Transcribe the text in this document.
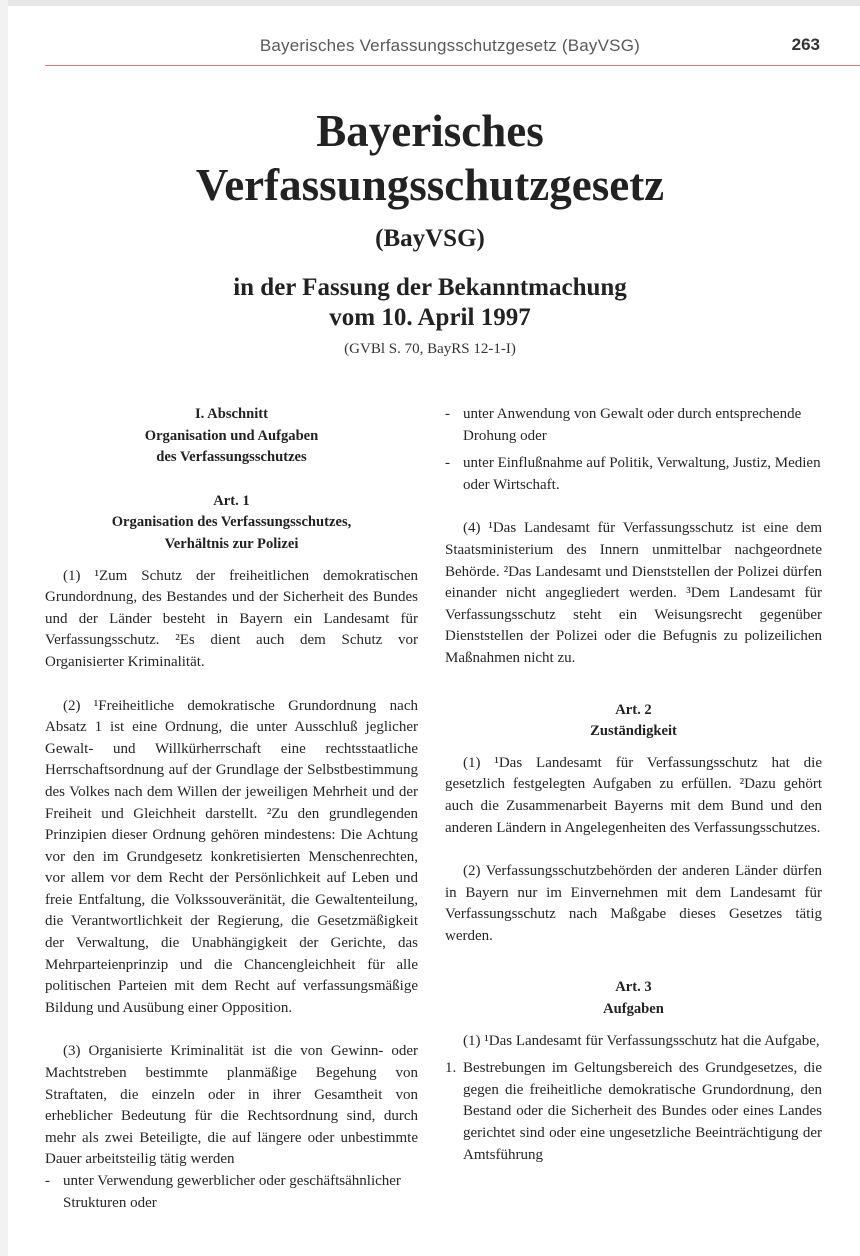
Bayerisches Verfassungsschutzgesetz (BayVSG)	263
Bayerisches
Verfassungsschutzgesetz
(BayVSG)
in der Fassung der Bekanntmachung
vom 10. April 1997
(GVBl S. 70, BayRS 12-1-I)
I. Abschnitt
Organisation und Aufgaben
des Verfassungsschutzes
Art. 1
Organisation des Verfassungsschutzes,
Verhältnis zur Polizei

(1) ¹Zum Schutz der freiheitlichen demokratischen Grundordnung, des Bestandes und der Sicherheit des Bundes und der Länder besteht in Bayern ein Landesamt für Verfassungsschutz. ²Es dient auch dem Schutz vor Organisierter Kriminalität.

(2) ¹Freiheitliche demokratische Grundordnung nach Absatz 1 ist eine Ordnung, die unter Ausschluß jeglicher Gewalt- und Willkürherrschaft eine rechtsstaatliche Herrschaftsordnung auf der Grundlage der Selbstbestimmung des Volkes nach dem Willen der jeweiligen Mehrheit und der Freiheit und Gleichheit darstellt. ²Zu den grundlegenden Prinzipien dieser Ordnung gehören mindestens: Die Achtung vor den im Grundgesetz konkretisierten Menschenrechten, vor allem vor dem Recht der Persönlichkeit auf Leben und freie Entfaltung, die Volkssouveränität, die Gewaltenteilung, die Verantwortlichkeit der Regierung, die Gesetzmäßigkeit der Verwaltung, die Unabhängigkeit der Gerichte, das Mehrparteienprinzip und die Chancengleichheit für alle politischen Parteien mit dem Recht auf verfassungsmäßige Bildung und Ausübung einer Opposition.

(3) Organisierte Kriminalität ist die von Gewinn- oder Machtstreben bestimmte planmäßige Begehung von Straftaten, die einzeln oder in ihrer Gesamtheit von erheblicher Bedeutung für die Rechtsordnung sind, durch mehr als zwei Beteiligte, die auf längere oder unbestimmte Dauer arbeitsteilig tätig werden

- unter Verwendung gewerblicher oder geschäftsähnlicher Strukturen oder
- unter Anwendung von Gewalt oder durch entsprechende Drohung oder
- unter Einflußnahme auf Politik, Verwaltung, Justiz, Medien oder Wirtschaft.

(4) ¹Das Landesamt für Verfassungsschutz ist eine dem Staatsministerium des Innern unmittelbar nachgeordnete Behörde. ²Das Landesamt und Dienststellen der Polizei dürfen einander nicht angegliedert werden. ³Dem Landesamt für Verfassungsschutz steht ein Weisungsrecht gegenüber Dienststellen der Polizei oder die Befugnis zu polizeilichen Maßnahmen nicht zu.

Art. 2
Zuständigkeit

(1) ¹Das Landesamt für Verfassungsschutz hat die gesetzlich festgelegten Aufgaben zu erfüllen. ²Dazu gehört auch die Zusammenarbeit Bayerns mit dem Bund und den anderen Ländern in Angelegenheiten des Verfassungsschutzes.

(2) Verfassungsschutzbehörden der anderen Länder dürfen in Bayern nur im Einvernehmen mit dem Landesamt für Verfassungsschutz nach Maßgabe dieses Gesetzes tätig werden.

Art. 3
Aufgaben

(1) ¹Das Landesamt für Verfassungsschutz hat die Aufgabe,

1. Bestrebungen im Geltungsbereich des Grundgesetzes, die gegen die freiheitliche demokratische Grundordnung, den Bestand oder die Sicherheit des Bundes oder eines Landes gerichtet sind oder eine ungesetzliche Beeinträchtigung der Amtsführung
